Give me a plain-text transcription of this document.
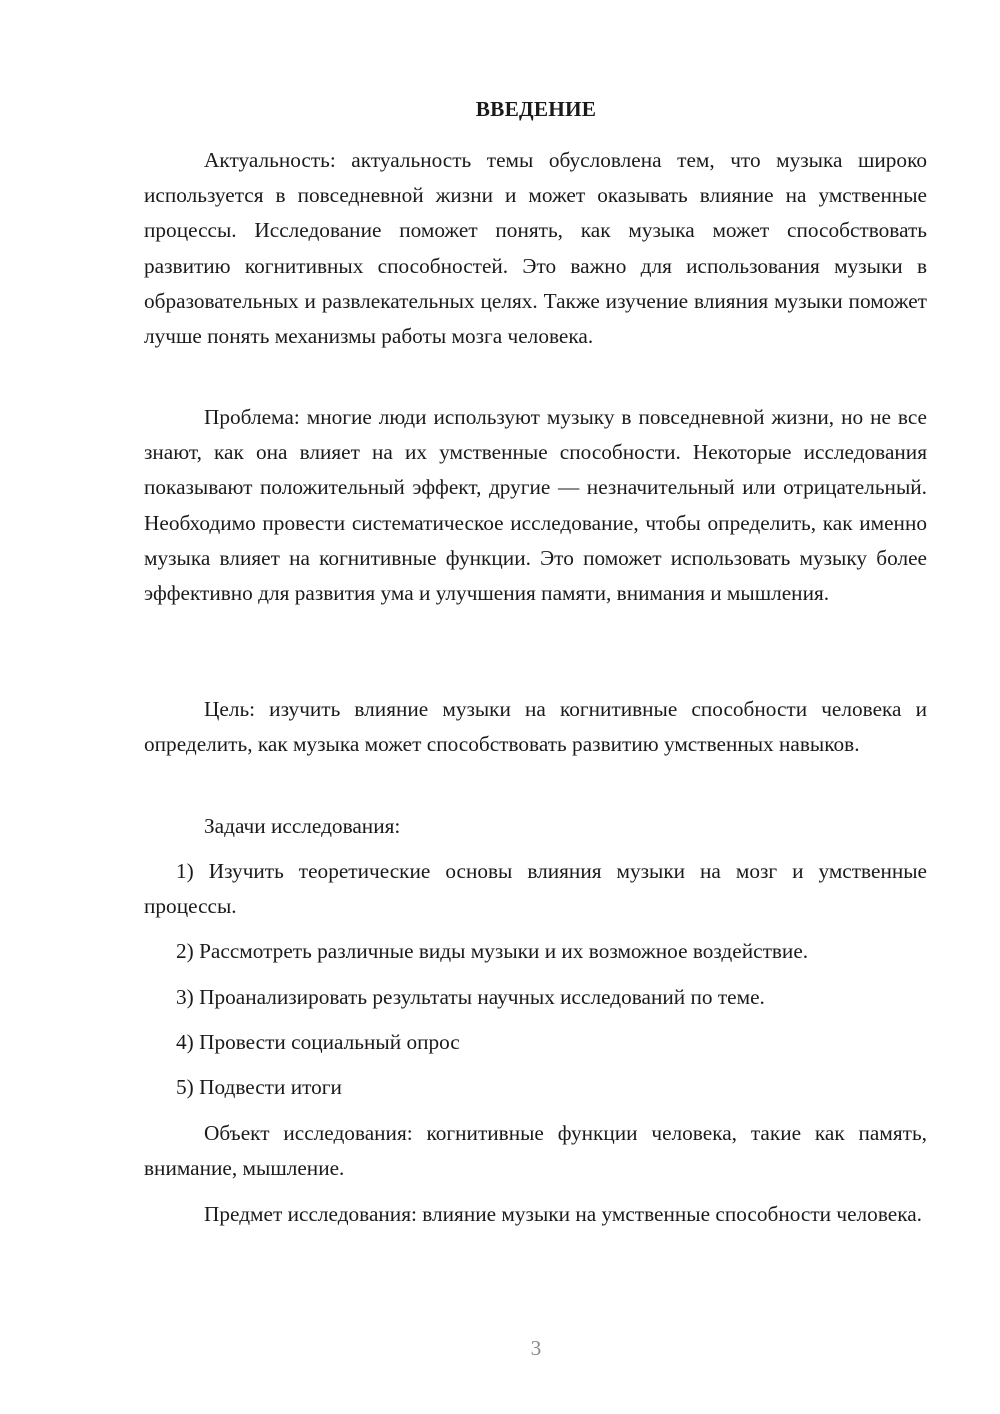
ВВЕДЕНИЕ

Актуальность: актуальность темы обусловлена тем, что музыка широко используется в повседневной жизни и может оказывать влияние на умственные процессы. Исследование поможет понять, как музыка может способствовать развитию когнитивных способностей. Это важно для использования музыки в образовательных и развлекательных целях. Также изучение влияния музыки поможет лучше понять механизмы работы мозга человека.

Проблема: многие люди используют музыку в повседневной жизни, но не все знают, как она влияет на их умственные способности. Некоторые исследования показывают положительный эффект, другие — незначительный или отрицательный. Необходимо провести систематическое исследование, чтобы определить, как именно музыка влияет на когнитивные функции. Это поможет использовать музыку более эффективно для развития ума и улучшения памяти, внимания и мышления.

Цель: изучить влияние музыки на когнитивные способности человека и определить, как музыка может способствовать развитию умственных навыков.

Задачи исследования:

1) Изучить теоретические основы влияния музыки на мозг и умственные процессы.

2) Рассмотреть различные виды музыки и их возможное воздействие.

3) Проанализировать результаты научных исследований по теме.

4) Провести социальный опрос

5) Подвести итоги

Объект исследования: когнитивные функции человека, такие как память, внимание, мышление.

Предмет исследования: влияние музыки на умственные способности человека.

3
